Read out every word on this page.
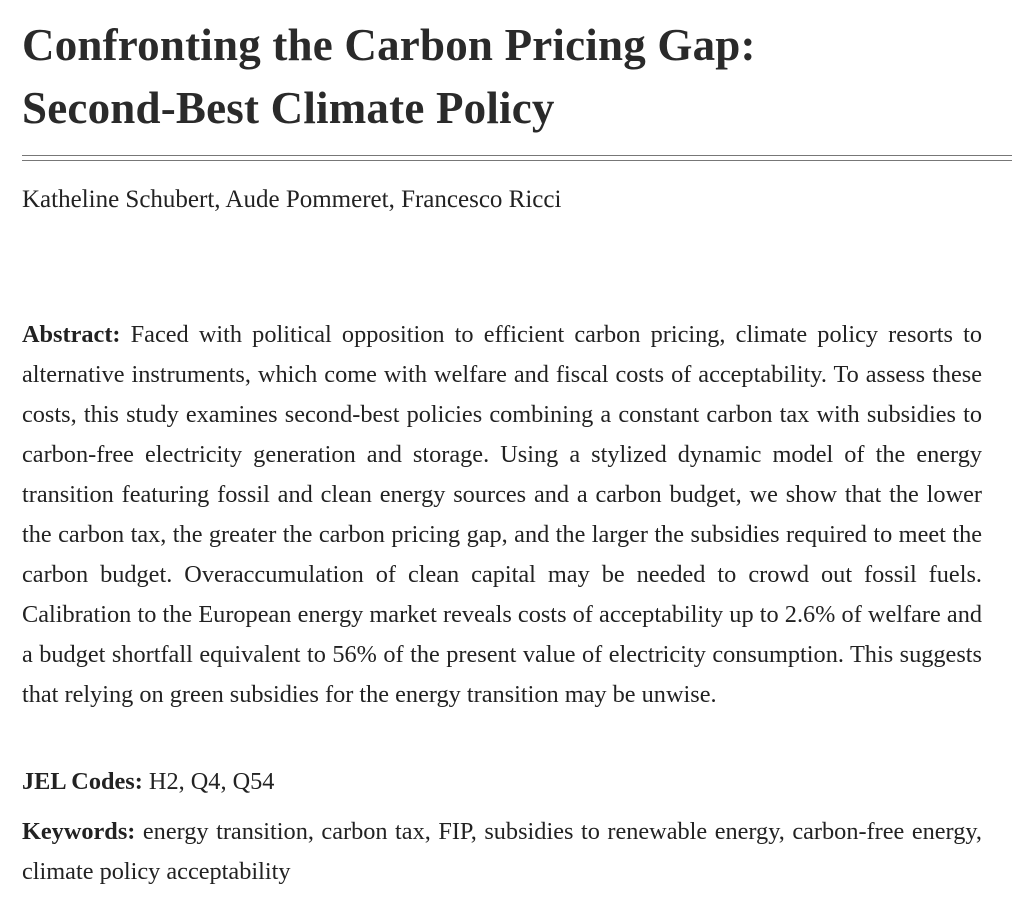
Confronting the Carbon Pricing Gap:
Second-Best Climate Policy
Katheline Schubert, Aude Pommeret, Francesco Ricci

Abstract: Faced with political opposition to efficient carbon pricing, climate policy resorts to alternative instruments, which come with welfare and fiscal costs of acceptability. To assess these costs, this study examines second-best policies combining a constant carbon tax with subsidies to carbon-free electricity generation and storage. Using a stylized dynamic model of the energy transition featuring fossil and clean energy sources and a carbon budget, we show that the lower the carbon tax, the greater the carbon pricing gap, and the larger the subsidies required to meet the carbon budget. Overaccumulation of clean capital may be needed to crowd out fossil fuels. Calibration to the European energy market reveals costs of acceptability up to 2.6% of welfare and a budget shortfall equivalent to 56% of the present value of electricity consumption. This suggests that relying on green subsidies for the energy transition may be unwise.

JEL Codes: H2, Q4, Q54
Keywords: energy transition, carbon tax, FIP, subsidies to renewable energy, carbon-free energy, climate policy acceptability
